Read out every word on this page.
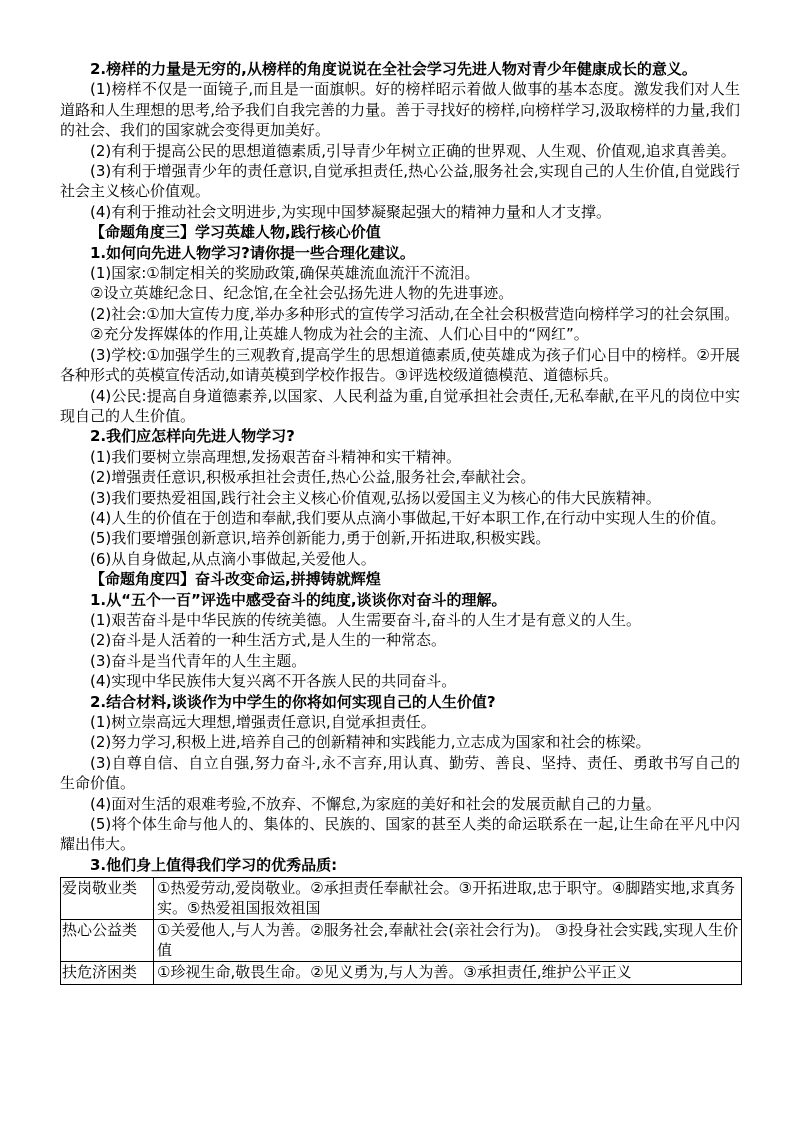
2.榜样的力量是无穷的,从榜样的角度说说在全社会学习先进人物对青少年健康成长的意义。

(1)榜样不仅是一面镜子,而且是一面旗帜。好的榜样昭示着做人做事的基本态度。激发我们对人生道路和人生理想的思考,给予我们自我完善的力量。善于寻找好的榜样,向榜样学习,汲取榜样的力量,我们的社会、我们的国家就会变得更加美好。

(2)有利于提高公民的思想道德素质,引导青少年树立正确的世界观、人生观、价值观,追求真善美。

(3)有利于增强青少年的责任意识,自觉承担责任,热心公益,服务社会,实现自己的人生价值,自觉践行社会主义核心价值观。

(4)有利于推动社会文明进步,为实现中国梦凝聚起强大的精神力量和人才支撑。

【命题角度三】学习英雄人物,践行核心价值

1.如何向先进人物学习?请你提一些合理化建议。

(1)国家:①制定相关的奖励政策,确保英雄流血流汗不流泪。

②设立英雄纪念日、纪念馆,在全社会弘扬先进人物的先进事迹。

(2)社会:①加大宣传力度,举办多种形式的宣传学习活动,在全社会积极营造向榜样学习的社会氛围。

②充分发挥媒体的作用,让英雄人物成为社会的主流、人们心目中的“网红”。

(3)学校:①加强学生的三观教育,提高学生的思想道德素质,使英雄成为孩子们心目中的榜样。②开展各种形式的英模宣传活动,如请英模到学校作报告。③评选校级道德模范、道德标兵。

(4)公民:提高自身道德素养,以国家、人民利益为重,自觉承担社会责任,无私奉献,在平凡的岗位中实现自己的人生价值。

2.我们应怎样向先进人物学习?

(1)我们要树立崇高理想,发扬艰苦奋斗精神和实干精神。

(2)增强责任意识,积极承担社会责任,热心公益,服务社会,奉献社会。

(3)我们要热爱祖国,践行社会主义核心价值观,弘扬以爱国主义为核心的伟大民族精神。

(4)人生的价值在于创造和奉献,我们要从点滴小事做起,干好本职工作,在行动中实现人生的价值。

(5)我们要增强创新意识,培养创新能力,勇于创新,开拓进取,积极实践。

(6)从自身做起,从点滴小事做起,关爱他人。

【命题角度四】奋斗改变命运,拼搏铸就辉煌

1.从“五个一百”评选中感受奋斗的纯度,谈谈你对奋斗的理解。

(1)艰苦奋斗是中华民族的传统美德。人生需要奋斗,奋斗的人生才是有意义的人生。

(2)奋斗是人活着的一种生活方式,是人生的一种常态。

(3)奋斗是当代青年的人生主题。

(4)实现中华民族伟大复兴离不开各族人民的共同奋斗。

2.结合材料,谈谈作为中学生的你将如何实现自己的人生价值?

(1)树立崇高远大理想,增强责任意识,自觉承担责任。

(2)努力学习,积极上进,培养自己的创新精神和实践能力,立志成为国家和社会的栋梁。

(3)自尊自信、自立自强,努力奋斗,永不言弃,用认真、勤劳、善良、坚持、责任、勇敢书写自己的生命价值。

(4)面对生活的艰难考验,不放弃、不懈怠,为家庭的美好和社会的发展贡献自己的力量。

(5)将个体生命与他人的、集体的、民族的、国家的甚至人类的命运联系在一起,让生命在平凡中闪耀出伟大。

3.他们身上值得我们学习的优秀品质:

爱岗敬业类	①热爱劳动,爱岗敬业。②承担责任奉献社会。③开拓进取,忠于职守。④脚踏实地,求真务实。⑤热爱祖国报效祖国
热心公益类	①关爱他人,与人为善。②服务社会,奉献社会(亲社会行为)。 ③投身社会实践,实现人生价值
扶危济困类	①珍视生命,敬畏生命。②见义勇为,与人为善。③承担责任,维护公平正义
